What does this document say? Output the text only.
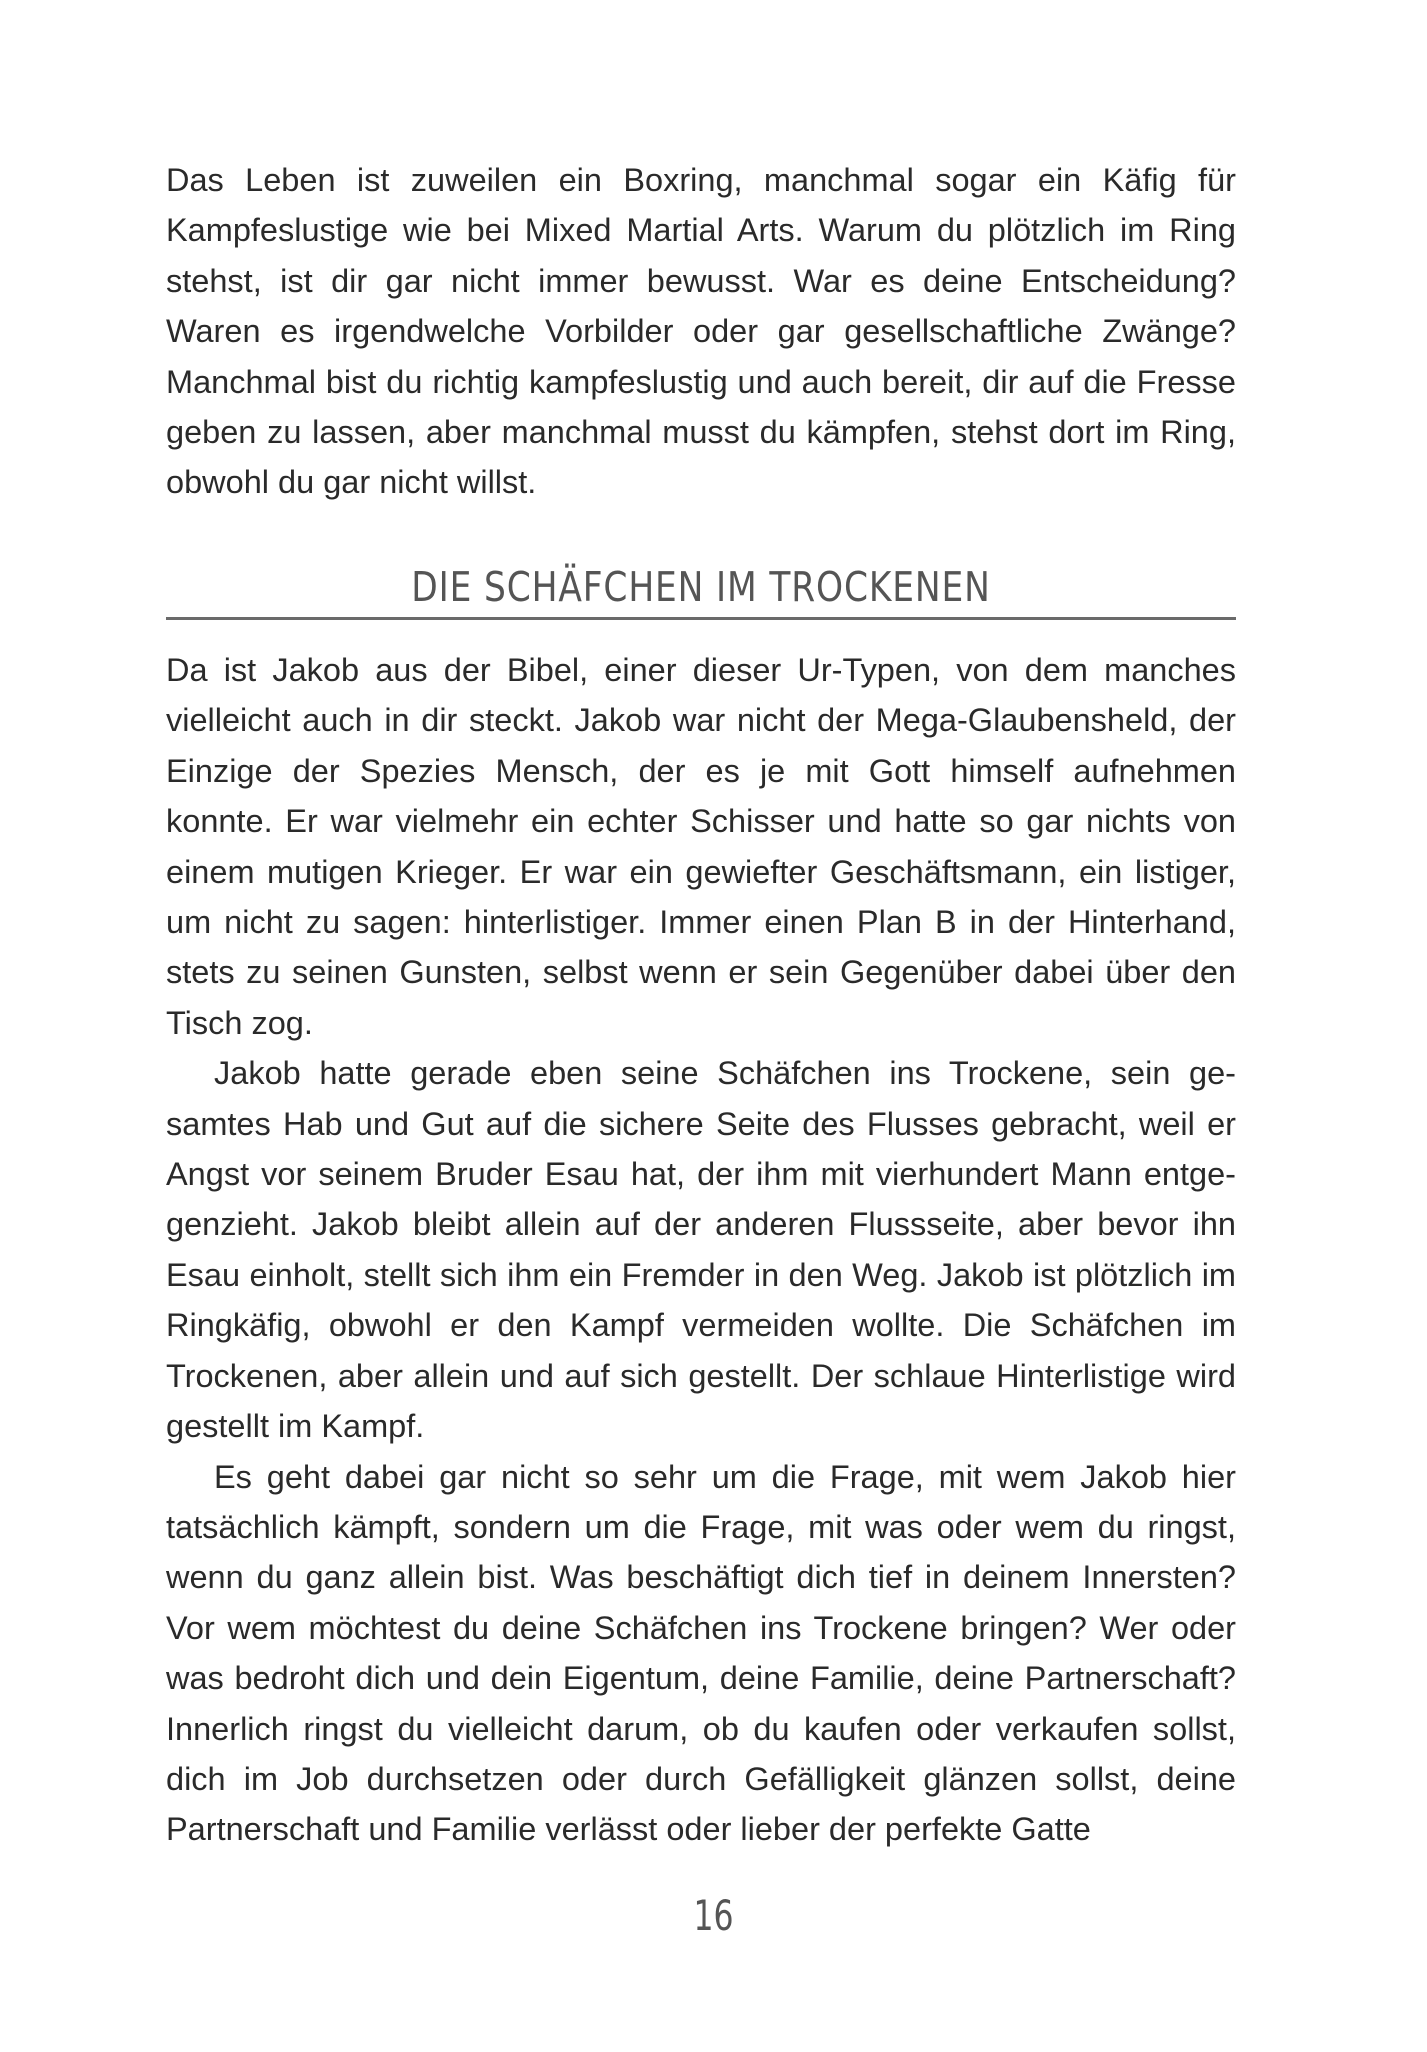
Das Leben ist zuweilen ein Boxring, manchmal sogar ein Käfig für Kampfeslustige wie bei Mixed Martial Arts. Warum du plötzlich im Ring stehst, ist dir gar nicht immer bewusst. War es deine Entscheidung? Waren es irgendwelche Vorbilder oder gar gesellschaftliche Zwänge? Manchmal bist du richtig kampfeslustig und auch bereit, dir auf die Fresse geben zu lassen, aber manchmal musst du kämpfen, stehst dort im Ring, obwohl du gar nicht willst.

DIE SCHÄFCHEN IM TROCKENEN

Da ist Jakob aus der Bibel, einer dieser Ur-Typen, von dem manches vielleicht auch in dir steckt. Jakob war nicht der Mega-Glaubensheld, der Einzige der Spezies Mensch, der es je mit Gott himself aufnehmen konnte. Er war vielmehr ein echter Schisser und hatte so gar nichts von einem mutigen Krieger. Er war ein gewiefter Geschäftsmann, ein listiger, um nicht zu sagen: hinterlistiger. Immer einen Plan B in der Hinterhand, stets zu seinen Gunsten, selbst wenn er sein Gegenüber dabei über den Tisch zog.

Jakob hatte gerade eben seine Schäfchen ins Trockene, sein gesamtes Hab und Gut auf die sichere Seite des Flusses gebracht, weil er Angst vor seinem Bruder Esau hat, der ihm mit vierhundert Mann entgegenzieht. Jakob bleibt allein auf der anderen Flussseite, aber bevor ihn Esau einholt, stellt sich ihm ein Fremder in den Weg. Jakob ist plötzlich im Ringkäfig, obwohl er den Kampf vermeiden wollte. Die Schäfchen im Trockenen, aber allein und auf sich gestellt. Der schlaue Hinterlistige wird gestellt im Kampf.

Es geht dabei gar nicht so sehr um die Frage, mit wem Jakob hier tatsächlich kämpft, sondern um die Frage, mit was oder wem du ringst, wenn du ganz allein bist. Was beschäftigt dich tief in deinem Innersten? Vor wem möchtest du deine Schäfchen ins Trockene bringen? Wer oder was bedroht dich und dein Eigentum, deine Familie, deine Partnerschaft? Innerlich ringst du vielleicht darum, ob du kaufen oder verkaufen sollst, dich im Job durchsetzen oder durch Gefälligkeit glänzen sollst, deine Partnerschaft und Familie verlässt oder lieber der perfekte Gatte

16
